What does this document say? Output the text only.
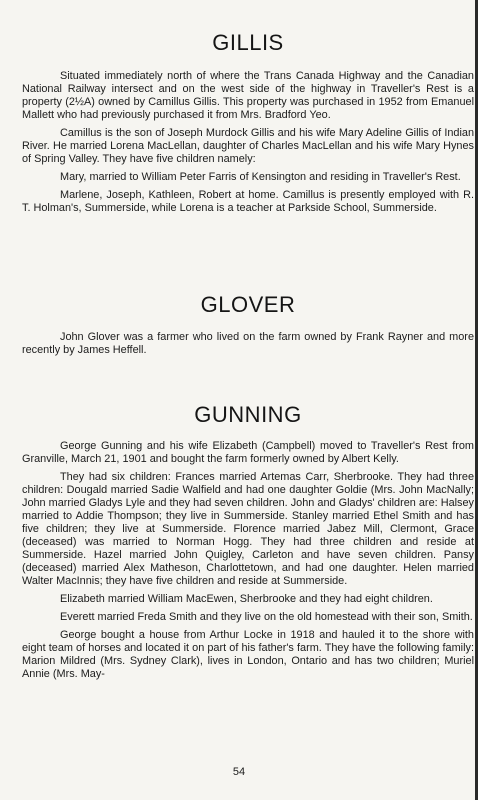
GILLIS

Situated immediately north of where the Trans Canada Highway and the Canadian National Railway intersect and on the west side of the highway in Traveller's Rest is a property (2½A) owned by Camillus Gillis. This property was purchased in 1952 from Emanuel Mallett who had previously purchased it from Mrs. Bradford Yeo.

Camillus is the son of Joseph Murdock Gillis and his wife Mary Adeline Gillis of Indian River. He married Lorena MacLellan, daughter of Charles MacLellan and his wife Mary Hynes of Spring Valley. They have five children namely:

Mary, married to William Peter Farris of Kensington and residing in Traveller's Rest.

Marlene, Joseph, Kathleen, Robert at home. Camillus is presently employed with R. T. Holman's, Summerside, while Lorena is a teacher at Parkside School, Summerside.

GLOVER

John Glover was a farmer who lived on the farm owned by Frank Rayner and more recently by James Heffell.

GUNNING

George Gunning and his wife Elizabeth (Campbell) moved to Traveller's Rest from Granville, March 21, 1901 and bought the farm formerly owned by Albert Kelly.

They had six children: Frances married Artemas Carr, Sherbrooke. They had three children: Dougald married Sadie Walfield and had one daughter Goldie (Mrs. John MacNally; John married Gladys Lyle and they had seven children. John and Gladys' children are: Halsey married to Addie Thompson; they live in Summerside. Stanley married Ethel Smith and has five children; they live at Summerside. Florence married Jabez Mill, Clermont, Grace (deceased) was married to Norman Hogg. They had three children and reside at Summerside. Hazel married John Quigley, Carleton and have seven children. Pansy (deceased) married Alex Matheson, Charlottetown, and had one daughter. Helen married Walter MacInnis; they have five children and reside at Summerside.

Elizabeth married William MacEwen, Sherbrooke and they had eight children.

Everett married Freda Smith and they live on the old homestead with their son, Smith.

George bought a house from Arthur Locke in 1918 and hauled it to the shore with eight team of horses and located it on part of his father's farm. They have the following family: Marion Mildred (Mrs. Sydney Clark), lives in London, Ontario and has two children; Muriel Annie (Mrs. May-

54
